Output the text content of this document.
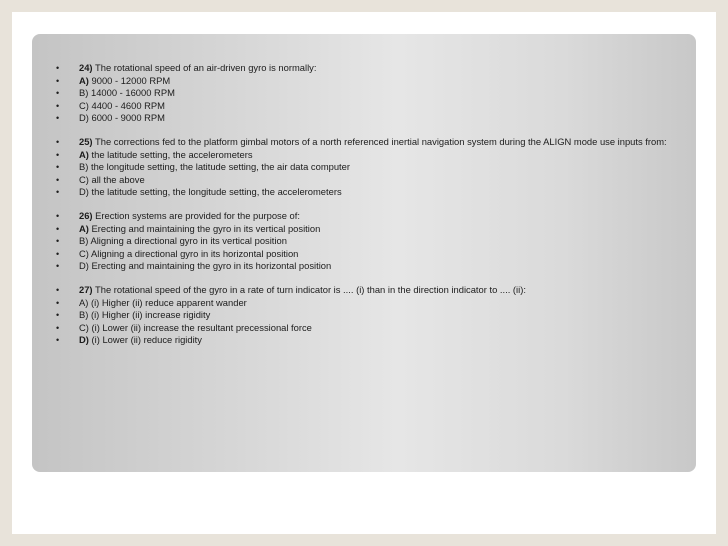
• 24) The rotational speed of an air-driven gyro is normally:
• A) 9000 - 12000 RPM
• B) 14000 - 16000 RPM
• C) 4400 - 4600 RPM
• D) 6000 - 9000 RPM
• 25) The corrections fed to the platform gimbal motors of a north referenced inertial navigation system during the ALIGN mode use inputs from:
• A) the latitude setting, the accelerometers
• B) the longitude setting, the latitude setting, the air data computer
• C) all the above
• D) the latitude setting, the longitude setting, the accelerometers
• 26) Erection systems are provided for the purpose of:
• A) Erecting and maintaining the gyro in its vertical position
• B) Aligning a directional gyro in its vertical position
• C) Aligning a directional gyro in its horizontal position
• D) Erecting and maintaining the gyro in its horizontal position
• 27) The rotational speed of the gyro in a rate of turn indicator is .... (i) than in the direction indicator to .... (ii):
• A) (i) Higher (ii) reduce apparent wander
• B) (i) Higher (ii) increase rigidity
• C) (i) Lower (ii) increase the resultant precessional force
• D) (i) Lower (ii) reduce rigidity
